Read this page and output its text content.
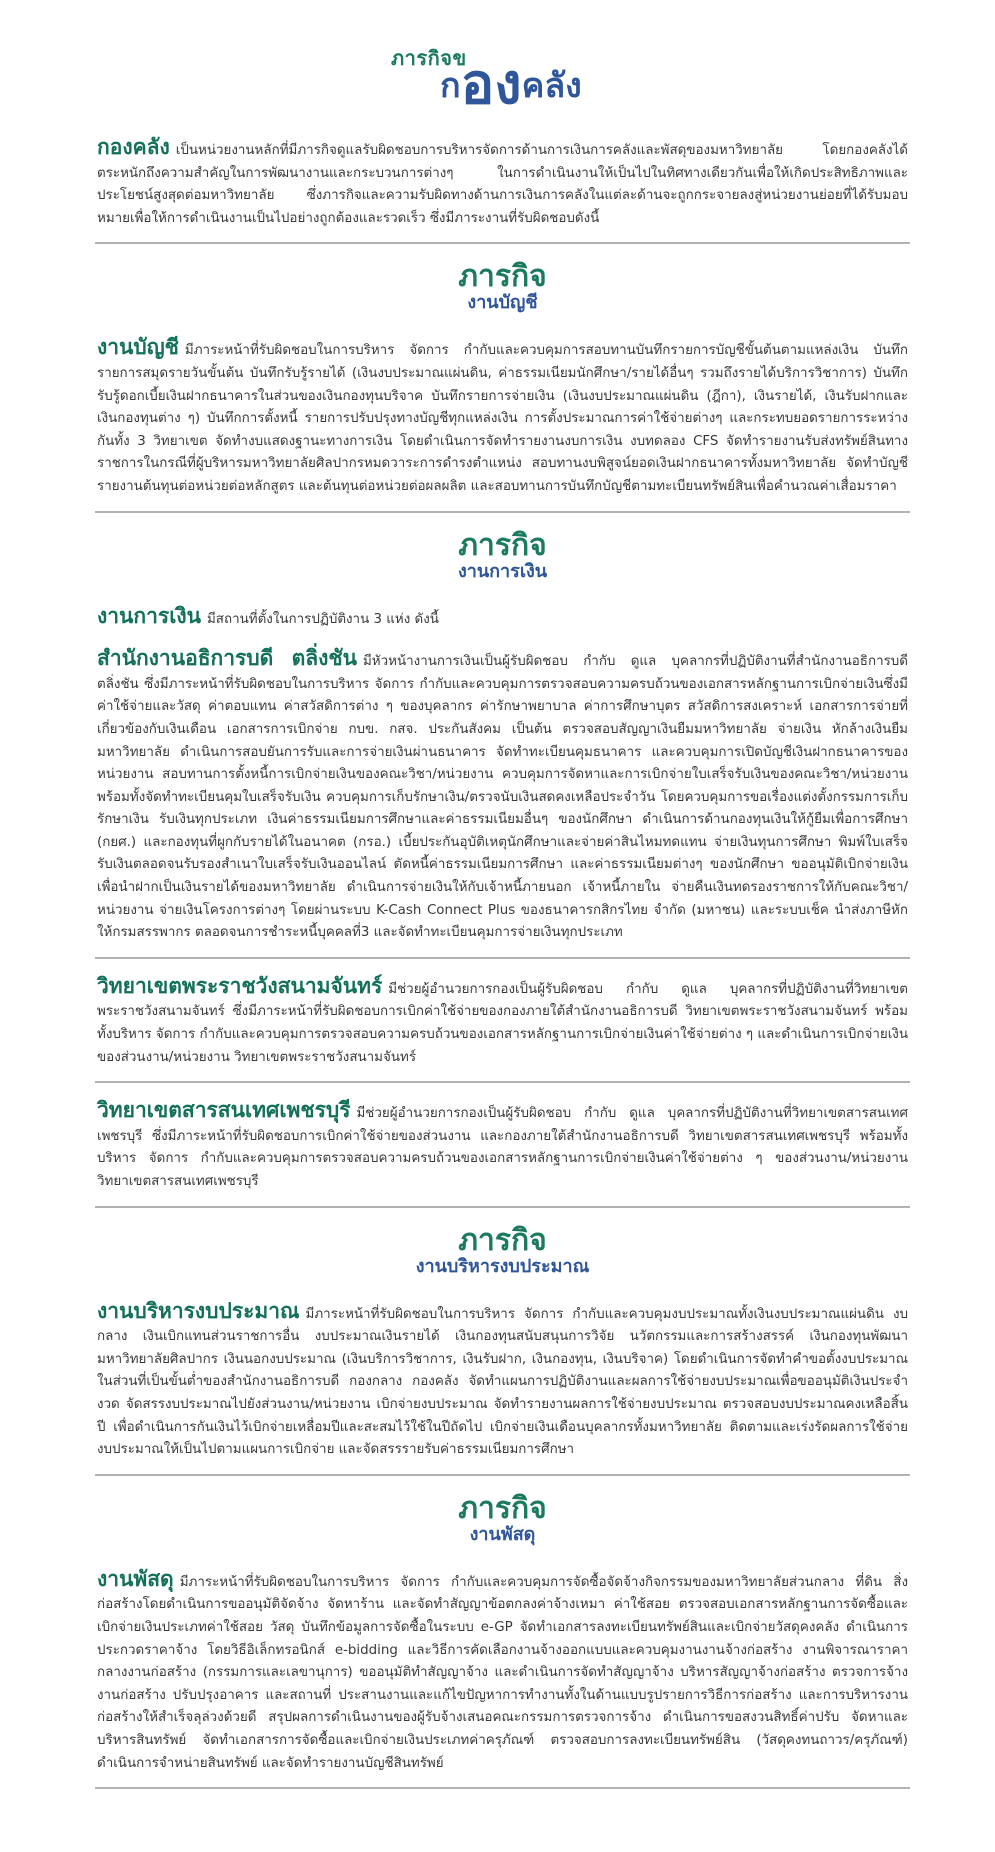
ภารกิจข
กองคลัง

กองคลัง เป็นหน่วยงานหลักที่มีภารกิจดูแลรับผิดชอบการบริหารจัดการด้านการเงินการคลังและพัสดุของมหาวิทยาลัย โดยกองคลังได้ตระหนักถึงความสำคัญในการพัฒนางานและกระบวนการต่างๆ ในการดำเนินงานให้เป็นไปในทิศทางเดียวกันเพื่อให้เกิดประสิทธิภาพและประโยชน์สูงสุดต่อมหาวิทยาลัย ซึ่งภารกิจและความรับผิดทางด้านการเงินการคลังในแต่ละด้านจะถูกกระจายลงสู่หน่วยงานย่อยที่ได้รับมอบหมายเพื่อให้การดำเนินงานเป็นไปอย่างถูกต้องและรวดเร็ว ซึ่งมีภาระงานที่รับผิดชอบดังนี้

ภารกิจ
งานบัญชี

งานบัญชี มีภาระหน้าที่รับผิดชอบในการบริหาร จัดการ กำกับและควบคุมการสอบทานบันทึกรายการบัญชีขั้นต้นตามแหล่งเงิน บันทึกรายการสมุดรายวันขั้นต้น บันทึกรับรู้รายได้ (เงินงบประมาณแผ่นดิน, ค่าธรรมเนียมนักศึกษา/รายได้อื่นๆ รวมถึงรายได้บริการวิชาการ) บันทึกรับรู้ดอกเบี้ยเงินฝากธนาคารในส่วนของเงินกองทุนบริจาค บันทึกรายการจ่ายเงิน (เงินงบประมาณแผ่นดิน (ฎีกา), เงินรายได้, เงินรับฝากและเงินกองทุนต่าง ๆ) บันทึกการตั้งหนี้ รายการปรับปรุงทางบัญชีทุกแหล่งเงิน การตั้งประมาณการค่าใช้จ่ายต่างๆ และกระทบยอดรายการระหว่างกันทั้ง 3 วิทยาเขต จัดทำงบแสดงฐานะทางการเงิน โดยดำเนินการจัดทำรายงานงบการเงิน งบทดลอง CFS จัดทำรายงานรับส่งทรัพย์สินทางราชการในกรณีที่ผู้บริหารมหาวิทยาลัยศิลปากรหมดวาระการดำรงตำแหน่ง สอบทานงบพิสูจน์ยอดเงินฝากธนาคารทั้งมหาวิทยาลัย จัดทำบัญชีรายงานต้นทุนต่อหน่วยต่อหลักสูตร และต้นทุนต่อหน่วยต่อผลผลิต และสอบทานการบันทึกบัญชีตามทะเบียนทรัพย์สินเพื่อคำนวณค่าเสื่อมราคา

ภารกิจ
งานการเงิน

งานการเงิน มีสถานที่ตั้งในการปฏิบัติงาน 3 แห่ง ดังนี้

สำนักงานอธิการบดี ตลิ่งชัน มีหัวหน้างานการเงินเป็นผู้รับผิดชอบ กำกับ ดูแล บุคลากรที่ปฏิบัติงานที่สำนักงานอธิการบดี ตลิ่งชัน ซึ่งมีภาระหน้าที่รับผิดชอบในการบริหาร จัดการ กำกับและควบคุมการตรวจสอบความครบถ้วนของเอกสารหลักฐานการเบิกจ่ายเงินซึ่งมีค่าใช้จ่ายและวัสดุ ค่าตอบแทน ค่าสวัสดิการต่าง ๆ ของบุคลากร ค่ารักษาพยาบาล ค่าการศึกษาบุตร สวัสดิการสงเคราะห์ เอกสารการจ่ายที่เกี่ยวข้องกับเงินเดือน เอกสารการเบิกจ่าย กบข. กสจ. ประกันสังคม เป็นต้น ตรวจสอบสัญญาเงินยืมมหาวิทยาลัย จ่ายเงิน หักล้างเงินยืมมหาวิทยาลัย ดำเนินการสอบยันการรับและการจ่ายเงินผ่านธนาคาร จัดทำทะเบียนคุมธนาคาร และควบคุมการเปิดบัญชีเงินฝากธนาคารของหน่วยงาน สอบทานการตั้งหนี้การเบิกจ่ายเงินของคณะวิชา/หน่วยงาน ควบคุมการจัดหาและการเบิกจ่ายใบเสร็จรับเงินของคณะวิชา/หน่วยงาน พร้อมทั้งจัดทำทะเบียนคุมใบเสร็จรับเงิน ควบคุมการเก็บรักษาเงิน/ตรวจนับเงินสดคงเหลือประจำวัน โดยควบคุมการขอเรื่องแต่งตั้งกรรมการเก็บรักษาเงิน รับเงินทุกประเภท เงินค่าธรรมเนียมการศึกษาและค่าธรรมเนียมอื่นๆ ของนักศึกษา ดำเนินการด้านกองทุนเงินให้กู้ยืมเพื่อการศึกษา (กยศ.) และกองทุนที่ผูกกับรายได้ในอนาคต (กรอ.) เบี้ยประกันอุบัติเหตุนักศึกษาและจ่ายค่าสินไหมทดแทน จ่ายเงินทุนการศึกษา พิมพ์ใบเสร็จรับเงินตลอดจนรับรองสำเนาใบเสร็จรับเงินออนไลน์ ตัดหนี้ค่าธรรมเนียมการศึกษา และค่าธรรมเนียมต่างๆ ของนักศึกษา ขออนุมัติเบิกจ่ายเงินเพื่อนำฝากเป็นเงินรายได้ของมหาวิทยาลัย ดำเนินการจ่ายเงินให้กับเจ้าหนี้ภายนอก เจ้าหนี้ภายใน จ่ายคืนเงินทดรองราชการให้กับคณะวิชา/หน่วยงาน จ่ายเงินโครงการต่างๆ โดยผ่านระบบ K-Cash Connect Plus ของธนาคารกสิกรไทย จำกัด (มหาชน) และระบบเช็ค นำส่งภาษีหักให้กรมสรรพากร ตลอดจนการชำระหนี้บุคคลที่3 และจัดทำทะเบียนคุมการจ่ายเงินทุกประเภท

วิทยาเขตพระราชวังสนามจันทร์ มีช่วยผู้อำนวยการกองเป็นผู้รับผิดชอบ กำกับ ดูแล บุคลากรที่ปฏิบัติงานที่วิทยาเขตพระราชวังสนามจันทร์ ซึ่งมีภาระหน้าที่รับผิดชอบการเบิกค่าใช้จ่ายของกองภายใต้สำนักงานอธิการบดี วิทยาเขตพระราชวังสนามจันทร์ พร้อมทั้งบริหาร จัดการ กำกับและควบคุมการตรวจสอบความครบถ้วนของเอกสารหลักฐานการเบิกจ่ายเงินค่าใช้จ่ายต่าง ๆ และดำเนินการเบิกจ่ายเงินของส่วนงาน/หน่วยงาน วิทยาเขตพระราชวังสนามจันทร์

วิทยาเขตสารสนเทศเพชรบุรี มีช่วยผู้อำนวยการกองเป็นผู้รับผิดชอบ กำกับ ดูแล บุคลากรที่ปฏิบัติงานที่วิทยาเขตสารสนเทศเพชรบุรี ซึ่งมีภาระหน้าที่รับผิดชอบการเบิกค่าใช้จ่ายของส่วนงาน และกองภายใต้สำนักงานอธิการบดี วิทยาเขตสารสนเทศเพชรบุรี พร้อมทั้งบริหาร จัดการ กำกับและควบคุมการตรวจสอบความครบถ้วนของเอกสารหลักฐานการเบิกจ่ายเงินค่าใช้จ่ายต่าง ๆ ของส่วนงาน/หน่วยงาน วิทยาเขตสารสนเทศเพชรบุรี

ภารกิจ
งานบริหารงบประมาณ

งานบริหารงบประมาณ มีภาระหน้าที่รับผิดชอบในการบริหาร จัดการ กำกับและควบคุมงบประมาณทั้งเงินงบประมาณแผ่นดิน งบกลาง เงินเบิกแทนส่วนราชการอื่น งบประมาณเงินรายได้ เงินกองทุนสนับสนุนการวิจัย นวัตกรรมและการสร้างสรรค์ เงินกองทุนพัฒนามหาวิทยาลัยศิลปากร เงินนอกงบประมาณ (เงินบริการวิชาการ, เงินรับฝาก, เงินกองทุน, เงินบริจาค) โดยดำเนินการจัดทำคำขอตั้งงบประมาณในส่วนที่เป็นขั้นต่ำของสำนักงานอธิการบดี กองกลาง กองคลัง จัดทำแผนการปฏิบัติงานและผลการใช้จ่ายงบประมาณเพื่อขออนุมัติเงินประจำงวด จัดสรรงบประมาณไปยังส่วนงาน/หน่วยงาน เบิกจ่ายงบประมาณ จัดทำรายงานผลการใช้จ่ายงบประมาณ ตรวจสอบงบประมาณคงเหลือสิ้นปี เพื่อดำเนินการกันเงินไว้เบิกจ่ายเหลื่อมปีและสะสมไว้ใช้ในปีถัดไป เบิกจ่ายเงินเดือนบุคลากรทั้งมหาวิทยาลัย ติดตามและเร่งรัดผลการใช้จ่ายงบประมาณให้เป็นไปตามแผนการเบิกจ่าย และจัดสรรรายรับค่าธรรมเนียมการศึกษา

ภารกิจ
งานพัสดุ

งานพัสดุ มีภาระหน้าที่รับผิดชอบในการบริหาร จัดการ กำกับและควบคุมการจัดซื้อจัดจ้างกิจกรรมของมหาวิทยาลัยส่วนกลาง ที่ดิน สิ่งก่อสร้างโดยดำเนินการขออนุมัติจัดจ้าง จัดหาร้าน และจัดทำสัญญาข้อตกลงค่าจ้างเหมา ค่าใช้สอย ตรวจสอบเอกสารหลักฐานการจัดซื้อและเบิกจ่ายเงินประเภทค่าใช้สอย วัสดุ บันทึกข้อมูลการจัดซื้อในระบบ e-GP จัดทำเอกสารลงทะเบียนทรัพย์สินและเบิกจ่ายวัสดุคงคลัง ดำเนินการประกวดราคาจ้าง โดยวิธีอิเล็กทรอนิกส์ e-bidding และวิธีการคัดเลือกงานจ้างออกแบบและควบคุมงานงานจ้างก่อสร้าง งานพิจารณาราคากลางงานก่อสร้าง (กรรมการและเลขานุการ) ขออนุมัติทำสัญญาจ้าง และดำเนินการจัดทำสัญญาจ้าง บริหารสัญญาจ้างก่อสร้าง ตรวจการจ้างงานก่อสร้าง ปรับปรุงอาคาร และสถานที่ ประสานงานและแก้ไขปัญหาการทำงานทั้งในด้านแบบรูปรายการวิธีการก่อสร้าง และการบริหารงานก่อสร้างให้สำเร็จลุล่วงด้วยดี สรุปผลการดำเนินงานของผู้รับจ้างเสนอคณะกรรมการตรวจการจ้าง ดำเนินการขอสงวนสิทธิ์ค่าปรับ จัดหาและบริหารสินทรัพย์ จัดทำเอกสารการจัดซื้อและเบิกจ่ายเงินประเภทค่าครุภัณฑ์ ตรวจสอบการลงทะเบียนทรัพย์สิน (วัสดุคงทนถาวร/ครุภัณฑ์) ดำเนินการจำหน่ายสินทรัพย์ และจัดทำรายงานบัญชีสินทรัพย์
